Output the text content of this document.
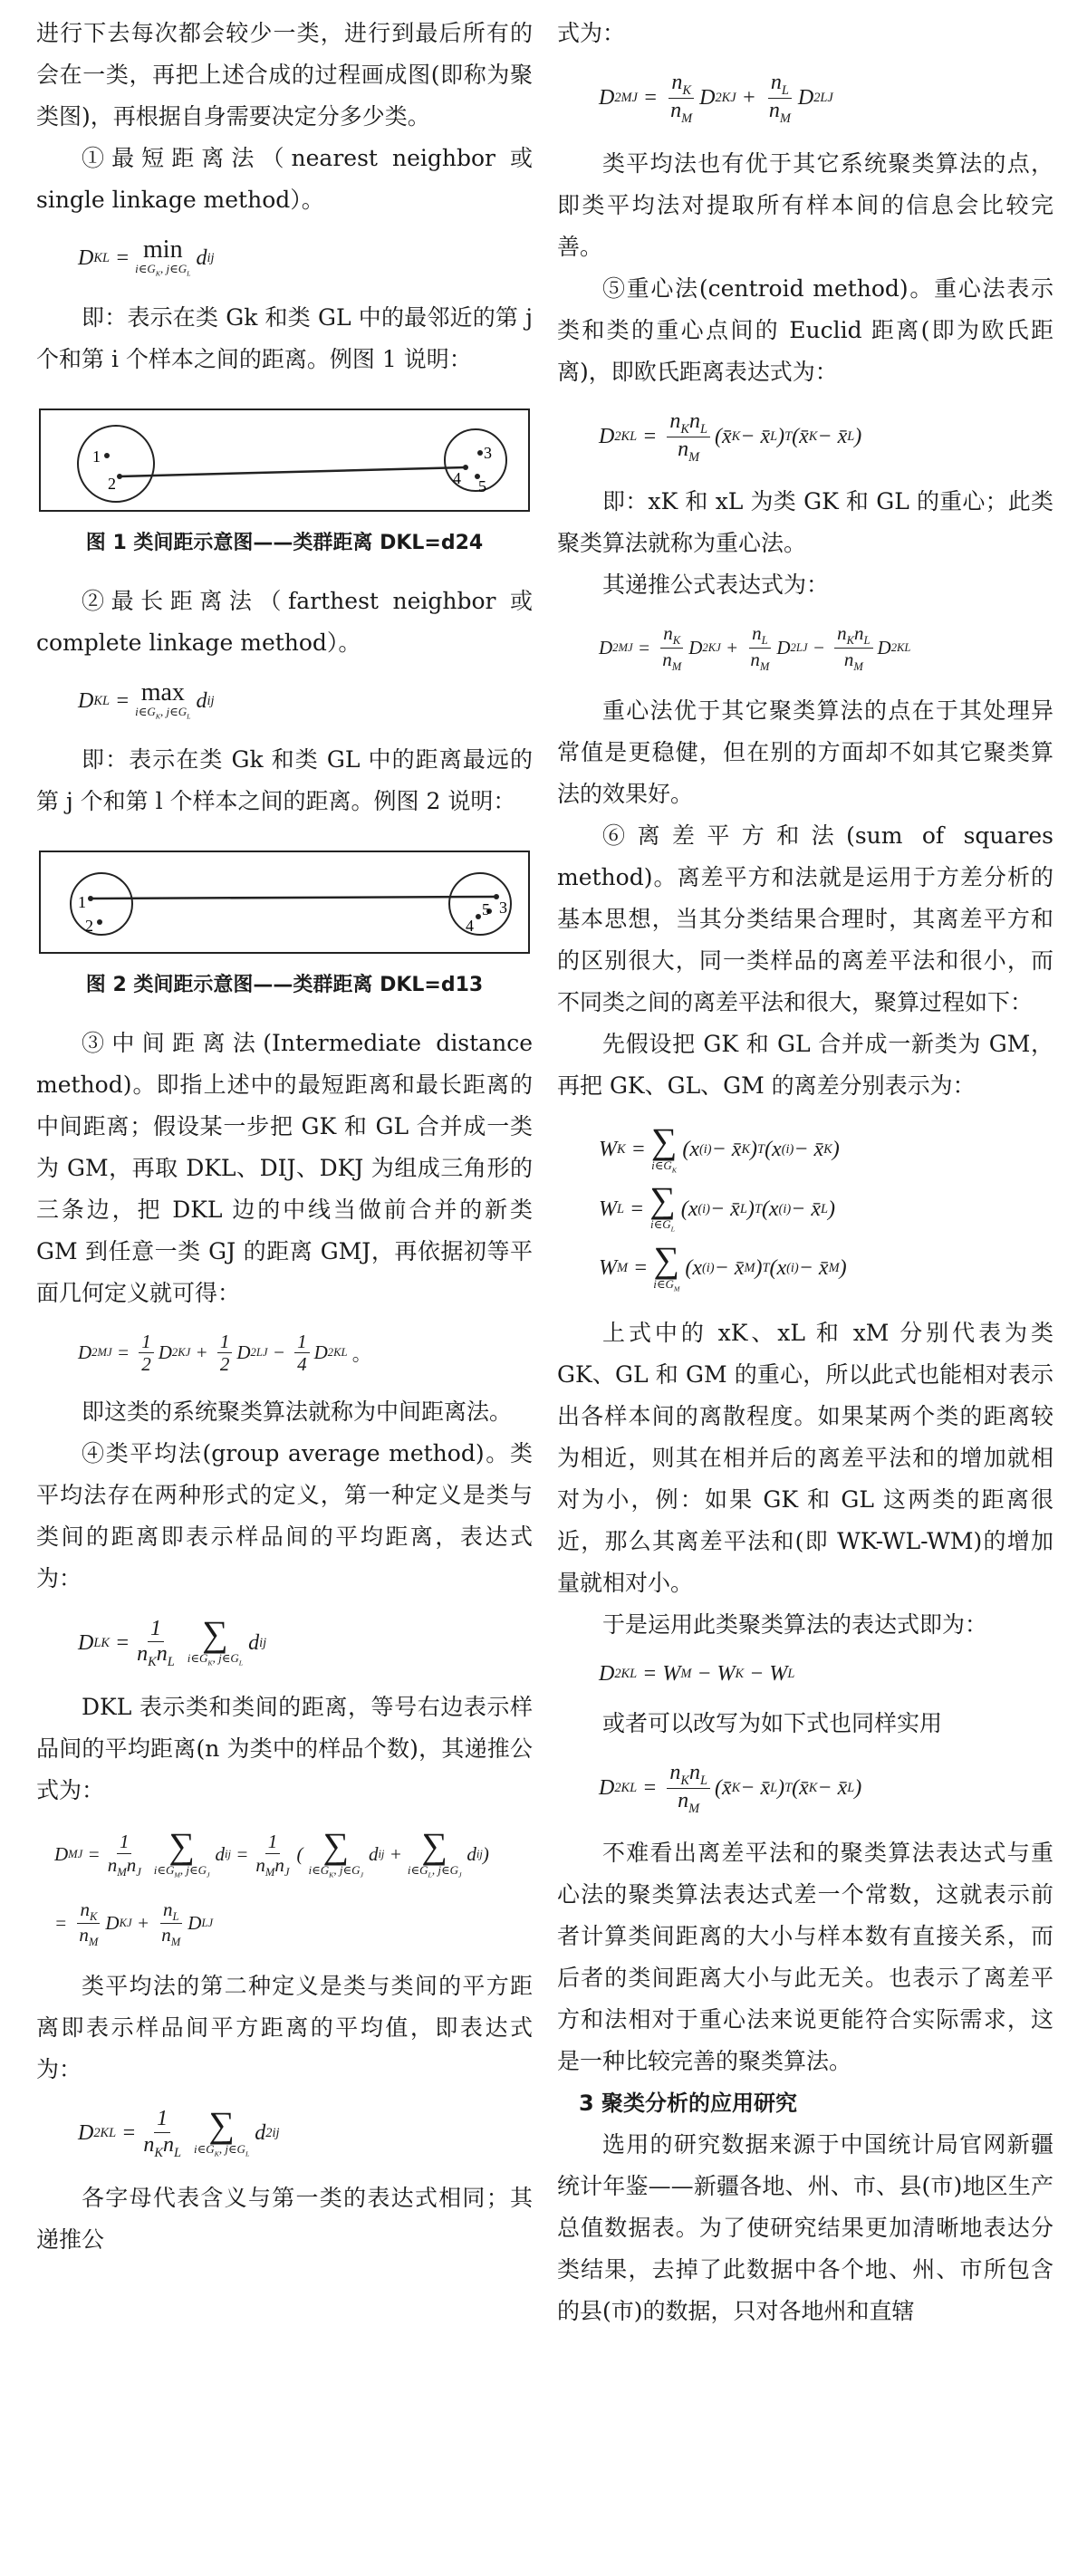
进行下去每次都会较少一类，进行到最后所有的会在一类，再把上述合成的过程画成图(即称为聚类图)，再根据自身需要决定分多少类。

①最短距离法（nearest neighbor 或 single linkage method）。

D KL = min
$i\in G_K$, $j\in G_L$
d ij

即：表示在类 Gk 和类 GL 中的最邻近的第 j 个和第 i 个样本之间的距离。例图 1 说明：

1
2
3
4 5
图 1 类间距示意图——类群距离 DKL=d24

②最长距离法（farthest neighbor 或 complete linkage method）。

D KL = max
$i\in G_K$, $j\in G_L$
d ij

即：表示在类 Gk 和类 GL 中的距离最远的第 j 个和第 l 个样本之间的距离。例图 2 说明：

1
2
3
4
5
图 2 类间距示意图——类群距离 DKL=d13

③中间距离法(Intermediate distance method)。即指上述中的最短距离和最长距离的中间距离；假设某一步把 GK 和 GL 合并成一类为 GM，再取 DKL、DIJ、DKJ 为组成三角形的三条边，把 DKL 边的中线当做前合并的新类 GM 到任意一类 GJ 的距离 GMJ，再依据初等平面几何定义就可得：

D 2 MJ =
1
2
D 2 KJ +
1
2
D 2 LJ −
1
4
D 2 KL
。

即这类的系统聚类算法就称为中间距离法。

④类平均法(group average method)。类平均法存在两种形式的定义，第一种定义是类与类间的距离即表示样品间的平均距离，表达式为：

D LK =
1
$n_Kn_L$
∑
$i\in G_K$, $j\in G_L$
d ij

DKL 表示类和类间的距离，等号右边表示样品间的平均距离(n 为类中的样品个数)，其递推公式为：

D MJ =
1
$n_Mn_J$
∑
$i\in G_M$, $j\in G_J$
d ij =
1
$n_Mn_J$
( ∑
$i\in G_K$, $j\in G_J$
d ij + ∑
$i\in G_L$, $j\in G_J$
d ij )
=
$n_K$
$n_M$
D KJ +
$n_L$
$n_M$
D LJ

类平均法的第二种定义是类与类间的平方距离即表示样品间平方距离的平均值，即表达式为：

D 2 KL =
1
$n_Kn_L$
∑
$i\in G_K$, $j\in G_L$
d 2 ij

各字母代表含义与第一类的表达式相同；其递推公

式为：

D 2 MJ =
$n_K$
$n_M$
D 2 KJ +
$n_L$
$n_M$
D 2 LJ

类平均法也有优于其它系统聚类算法的点，即类平均法对提取所有样本间的信息会比较完善。

⑤重心法(centroid method)。重心法表示类和类的重心点间的 Euclid 距离(即为欧氏距离)，即欧氏距离表达式为：

D 2 KL =
$n_Kn_L$
$n_M$
(x̄ K − x̄ L ) T (x̄ K − x̄ L )

即：xK 和 xL 为类 GK 和 GL 的重心；此类聚类算法就称为重心法。

其递推公式表达式为：

D 2 MJ =
$n_K$
$n_M$
D 2 KJ +
$n_L$
$n_M$
D 2 LJ −
$n_Kn_L$
$n_M$
D 2 KL

重心法优于其它聚类算法的点在于其处理异常值是更稳健，但在别的方面却不如其它聚类算法的效果好。

⑥离差平方和法(sum of squares method)。离差平方和法就是运用于方差分析的基本思想，当其分类结果合理时，其离差平方和的区别很大，同一类样品的离差平法和很小，而不同类之间的离差平法和很大，聚算过程如下：

先假设把 GK 和 GL 合并成一新类为 GM，再把 GK、GL、GM 的离差分别表示为：

W K = ∑
$i\in G_K$
(x (i) − x̄ K ) T (x (i) − x̄ K )
W L = ∑
$i\in G_L$
(x (i) − x̄ L ) T (x (i) − x̄ L )
W M = ∑
$i\in G_M$
(x (i) − x̄ M ) T (x (i) − x̄ M )

上式中的 xK、xL 和 xM 分别代表为类 GK、GL 和 GM 的重心，所以此式也能相对表示出各样本间的离散程度。如果某两个类的距离较为相近，则其在相并后的离差平法和的增加就相对为小，例：如果 GK 和 GL 这两类的距离很近，那么其离差平法和(即 WK-WL-WM)的增加量就相对小。

于是运用此类聚类算法的表达式即为：

D 2 KL = W M − W K − W L

或者可以改写为如下式也同样实用

D 2 KL =
$n_Kn_L$
$n_M$
(x̄ K − x̄ L ) T (x̄ K − x̄ L )

不难看出离差平法和的聚类算法表达式与重心法的聚类算法表达式差一个常数，这就表示前者计算类间距离的大小与样本数有直接关系，而后者的类间距离大小与此无关。也表示了离差平方和法相对于重心法来说更能符合实际需求，这是一种比较完善的聚类算法。

3 聚类分析的应用研究

选用的研究数据来源于中国统计局官网新疆统计年鉴——新疆各地、州、市、县(市)地区生产总值数据表。为了使研究结果更加清晰地表达分类结果，去掉了此数据中各个地、州、市所包含的县(市)的数据，只对各地州和直辖
